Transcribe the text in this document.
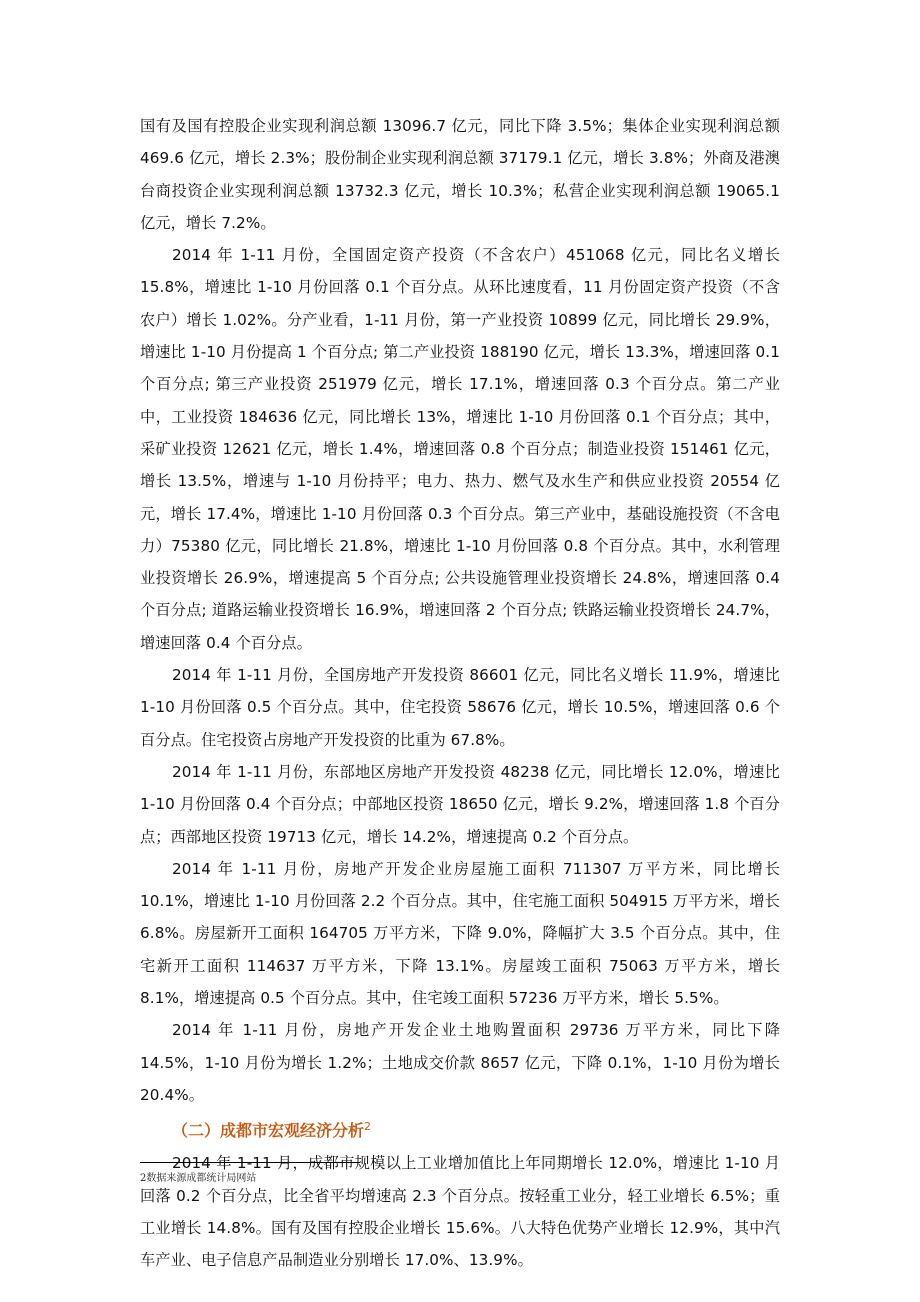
国有及国有控股企业实现利润总额 13096.7 亿元，同比下降 3.5%；集体企业实现利润总额 469.6 亿元，增长 2.3%；股份制企业实现利润总额 37179.1 亿元，增长 3.8%；外商及港澳台商投资企业实现利润总额 13732.3 亿元，增长 10.3%；私营企业实现利润总额 19065.1 亿元，增长 7.2%。

2014 年 1-11 月份，全国固定资产投资（不含农户）451068 亿元，同比名义增长 15.8%，增速比 1-10 月份回落 0.1 个百分点。从环比速度看，11 月份固定资产投资（不含农户）增长 1.02%。分产业看，1-11 月份，第一产业投资 10899 亿元，同比增长 29.9%，增速比 1-10 月份提高 1 个百分点; 第二产业投资 188190 亿元，增长 13.3%，增速回落 0.1 个百分点; 第三产业投资 251979 亿元，增长 17.1%，增速回落 0.3 个百分点。第二产业中，工业投资 184636 亿元，同比增长 13%，增速比 1-10 月份回落 0.1 个百分点；其中，采矿业投资 12621 亿元，增长 1.4%，增速回落 0.8 个百分点；制造业投资 151461 亿元，增长 13.5%，增速与 1-10 月份持平；电力、热力、燃气及水生产和供应业投资 20554 亿元，增长 17.4%，增速比 1-10 月份回落 0.3 个百分点。第三产业中，基础设施投资（不含电力）75380 亿元，同比增长 21.8%，增速比 1-10 月份回落 0.8 个百分点。其中，水利管理业投资增长 26.9%，增速提高 5 个百分点; 公共设施管理业投资增长 24.8%，增速回落 0.4 个百分点; 道路运输业投资增长 16.9%，增速回落 2 个百分点; 铁路运输业投资增长 24.7%，增速回落 0.4 个百分点。

2014 年 1-11 月份，全国房地产开发投资 86601 亿元，同比名义增长 11.9%，增速比 1-10 月份回落 0.5 个百分点。其中，住宅投资 58676 亿元，增长 10.5%，增速回落 0.6 个百分点。住宅投资占房地产开发投资的比重为 67.8%。

2014 年 1-11 月份，东部地区房地产开发投资 48238 亿元，同比增长 12.0%，增速比 1-10 月份回落 0.4 个百分点；中部地区投资 18650 亿元，增长 9.2%，增速回落 1.8 个百分点；西部地区投资 19713 亿元，增长 14.2%，增速提高 0.2 个百分点。

2014 年 1-11 月份，房地产开发企业房屋施工面积 711307 万平方米，同比增长 10.1%，增速比 1-10 月份回落 2.2 个百分点。其中，住宅施工面积 504915 万平方米，增长 6.8%。房屋新开工面积 164705 万平方米，下降 9.0%，降幅扩大 3.5 个百分点。其中，住宅新开工面积 114637 万平方米，下降 13.1%。房屋竣工面积 75063 万平方米，增长 8.1%，增速提高 0.5 个百分点。其中，住宅竣工面积 57236 万平方米，增长 5.5%。

2014 年 1-11 月份，房地产开发企业土地购置面积 29736 万平方米，同比下降 14.5%，1-10 月份为增长 1.2%；土地成交价款 8657 亿元，下降 0.1%，1-10 月份为增长 20.4%。

（二）成都市宏观经济分析$^2$

2014 年 1-11 月，成都市规模以上工业增加值比上年同期增长 12.0%，增速比 1-10 月回落 0.2 个百分点，比全省平均增速高 2.3 个百分点。按轻重工业分，轻工业增长 6.5%；重工业增长 14.8%。国有及国有控股企业增长 15.6%。八大特色优势产业增长 12.9%，其中汽车产业、电子信息产品制造业分别增长 17.0%、13.9%。

2数据来源成都统计局网站
